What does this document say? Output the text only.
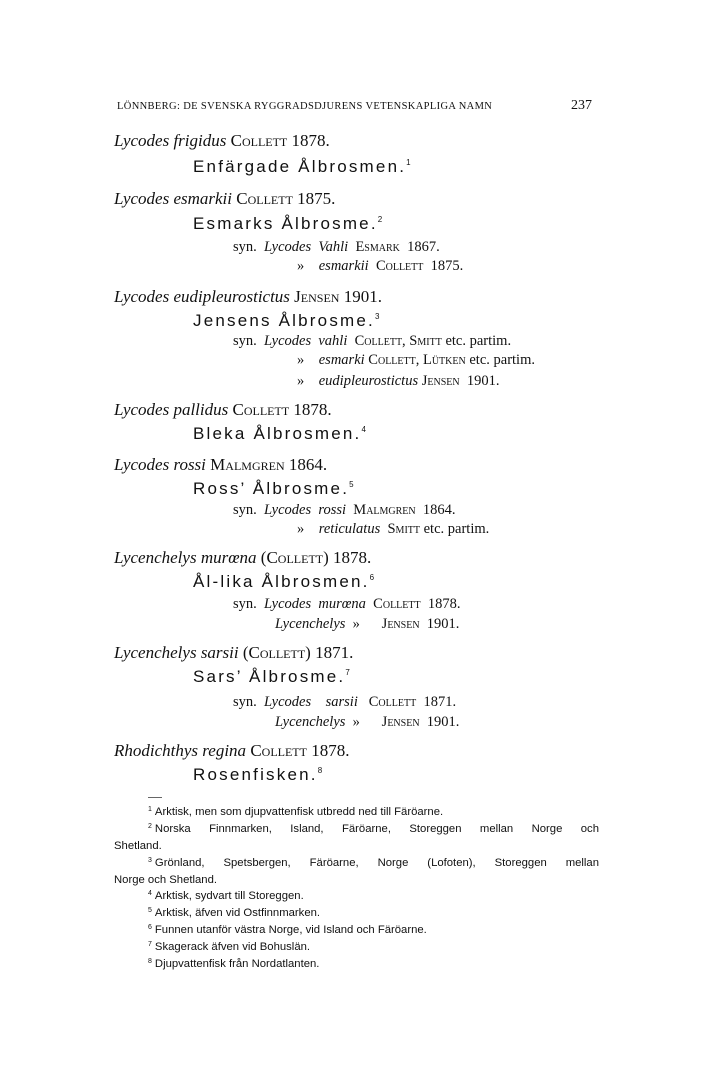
LÖNNBERG: DE SVENSKA RYGGRADSDJURENS VETENSKAPLIGA NAMN	237
Lycodes frigidus Collett 1878.
Enfärgade Ålbrosmen.$^1$
Lycodes esmarkii Collett 1875.
Esmarks Ålbrosme.$^2$
syn. Lycodes Vahli Esmark 1867.
» esmarkii Collett 1875.
Lycodes eudipleurostictus Jensen 1901.
Jensens Ålbrosme.$^3$
syn. Lycodes vahli Collett, Smitt etc. partim.
» esmarki Collett, Lütken etc. partim.
» eudipleurostictus Jensen 1901.
Lycodes pallidus Collett 1878.
Bleka Ålbrosmen.$^4$
Lycodes rossi Malmgren 1864.
Ross’ Ålbrosme.$^5$
syn. Lycodes rossi Malmgren 1864.
» reticulatus Smitt etc. partim.
Lycenchelys murœna (Collett) 1878.
Ål-lika Ålbrosmen.$^6$
syn. Lycodes murœna Collett 1878.
Lycenchelys » Jensen 1901.
Lycenchelys sarsii (Collett) 1871.
Sars’ Ålbrosme.$^7$
syn. Lycodes sarsii Collett 1871.
Lycenchelys » Jensen 1901.
Rhodichthys regina Collett 1878.
Rosenfisken.$^8$
$^1$ Arktisk, men som djupvattenfisk utbredd ned till Färöarne.
$^2$ Norska Finnmarken, Island, Färöarne, Storeggen mellan Norge och
Shetland.
$^3$ Grönland, Spetsbergen, Färöarne, Norge (Lofoten), Storeggen mellan
Norge och Shetland.
$^4$ Arktisk, sydvart till Storeggen.
$^5$ Arktisk, äfven vid Ostfinnmarken.
$^6$ Funnen utanför västra Norge, vid Island och Färöarne.
$^7$ Skagerack äfven vid Bohuslän.
$^8$ Djupvattenfisk från Nordatlanten.
